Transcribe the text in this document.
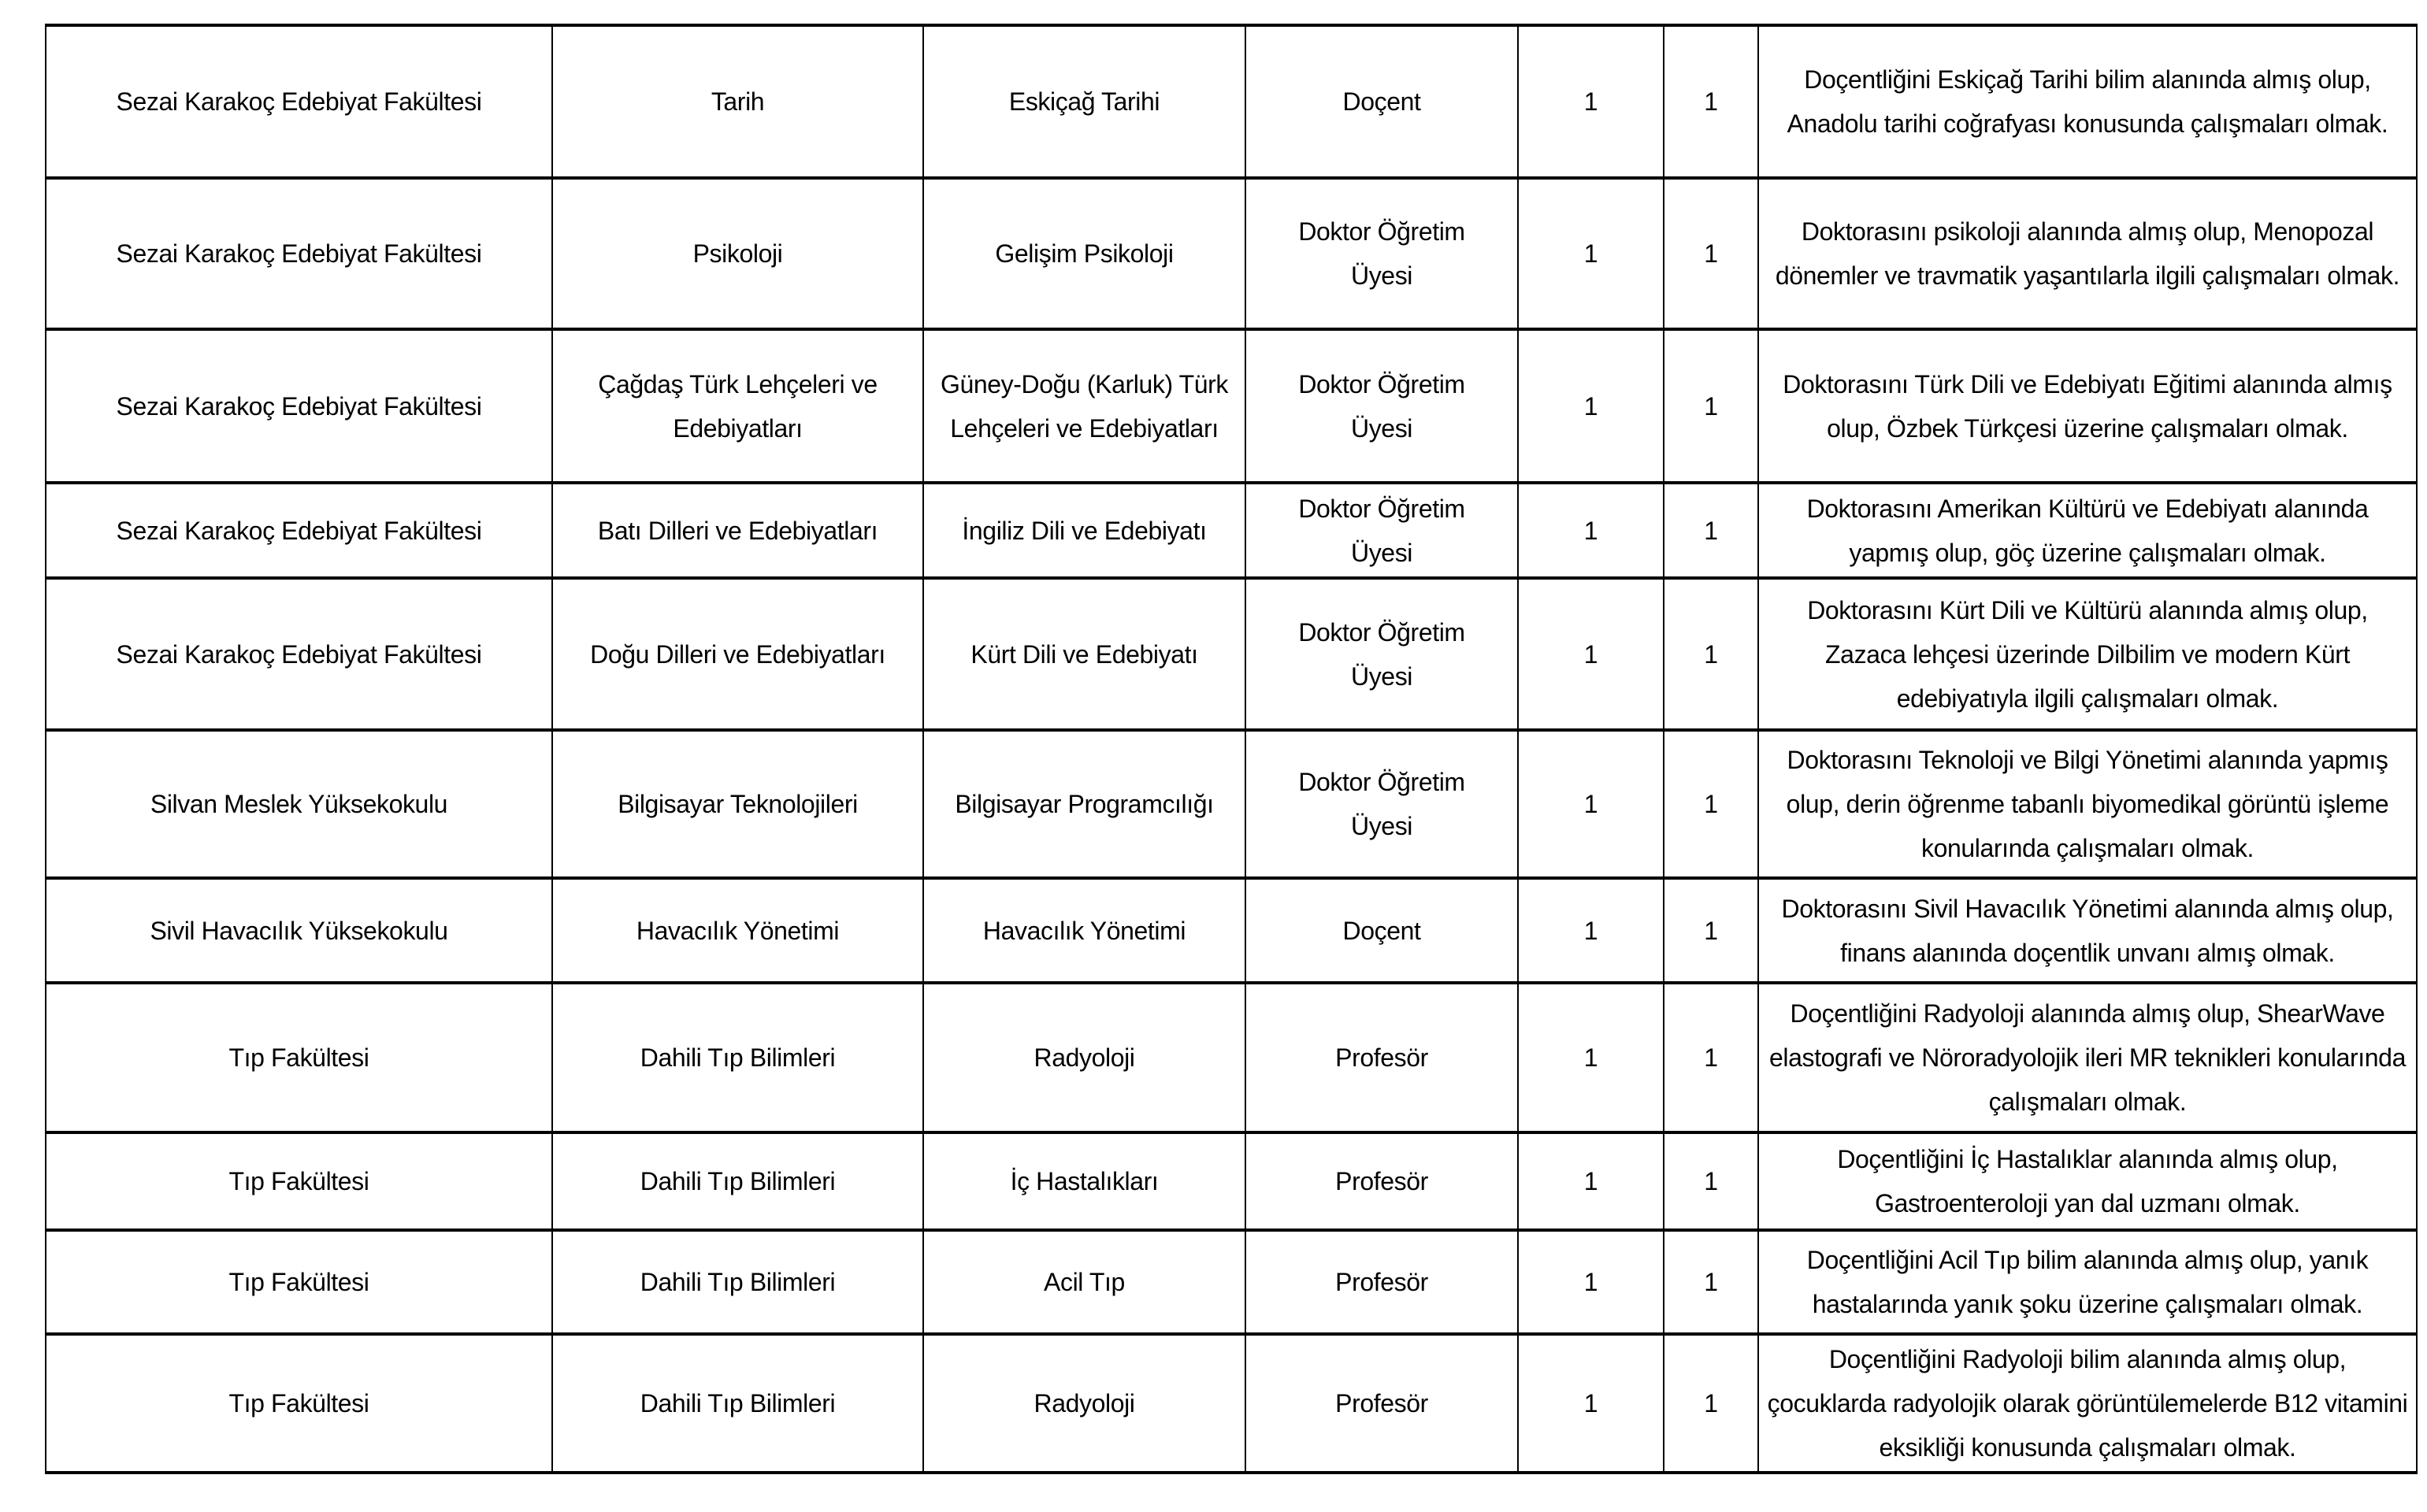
Sezai Karakoç Edebiyat Fakültesi	Tarih	Eskiçağ Tarihi	Doçent	1	1	Doçentliğini Eskiçağ Tarihi bilim alanında almış olup, Anadolu tarihi coğrafyası konusunda çalışmaları olmak.
Sezai Karakoç Edebiyat Fakültesi	Psikoloji	Gelişim Psikoloji	Doktor Öğretim Üyesi	1	1	Doktorasını psikoloji alanında almış olup, Menopozal dönemler ve travmatik yaşantılarla ilgili çalışmaları olmak.
Sezai Karakoç Edebiyat Fakültesi	Çağdaş Türk Lehçeleri ve Edebiyatları	Güney-Doğu (Karluk) Türk Lehçeleri ve Edebiyatları	Doktor Öğretim Üyesi	1	1	Doktorasını Türk Dili ve Edebiyatı Eğitimi alanında almış olup, Özbek Türkçesi üzerine çalışmaları olmak.
Sezai Karakoç Edebiyat Fakültesi	Batı Dilleri ve Edebiyatları	İngiliz Dili ve Edebiyatı	Doktor Öğretim Üyesi	1	1	Doktorasını Amerikan Kültürü ve Edebiyatı alanında yapmış olup, göç üzerine çalışmaları olmak.
Sezai Karakoç Edebiyat Fakültesi	Doğu Dilleri ve Edebiyatları	Kürt Dili ve Edebiyatı	Doktor Öğretim Üyesi	1	1	Doktorasını Kürt Dili ve Kültürü alanında almış olup, Zazaca lehçesi üzerinde Dilbilim ve modern Kürt edebiyatıyla ilgili çalışmaları olmak.
Silvan Meslek Yüksekokulu	Bilgisayar Teknolojileri	Bilgisayar Programcılığı	Doktor Öğretim Üyesi	1	1	Doktorasını Teknoloji ve Bilgi Yönetimi alanında yapmış olup, derin öğrenme tabanlı biyomedikal görüntü işleme konularında çalışmaları olmak.
Sivil Havacılık Yüksekokulu	Havacılık Yönetimi	Havacılık Yönetimi	Doçent	1	1	Doktorasını Sivil Havacılık Yönetimi alanında almış olup, finans alanında doçentlik unvanı almış olmak.
Tıp Fakültesi	Dahili Tıp Bilimleri	Radyoloji	Profesör	1	1	Doçentliğini Radyoloji alanında almış olup, ShearWave elastografi ve Nöroradyolojik ileri MR teknikleri konularında çalışmaları olmak.
Tıp Fakültesi	Dahili Tıp Bilimleri	İç Hastalıkları	Profesör	1	1	Doçentliğini İç Hastalıklar alanında almış olup, Gastroenteroloji yan dal uzmanı olmak.
Tıp Fakültesi	Dahili Tıp Bilimleri	Acil Tıp	Profesör	1	1	Doçentliğini Acil Tıp bilim alanında almış olup, yanık hastalarında yanık şoku üzerine çalışmaları olmak.
Tıp Fakültesi	Dahili Tıp Bilimleri	Radyoloji	Profesör	1	1	Doçentliğini Radyoloji bilim alanında almış olup, çocuklarda radyolojik olarak görüntülemelerde B12 vitamini eksikliği konusunda çalışmaları olmak.
